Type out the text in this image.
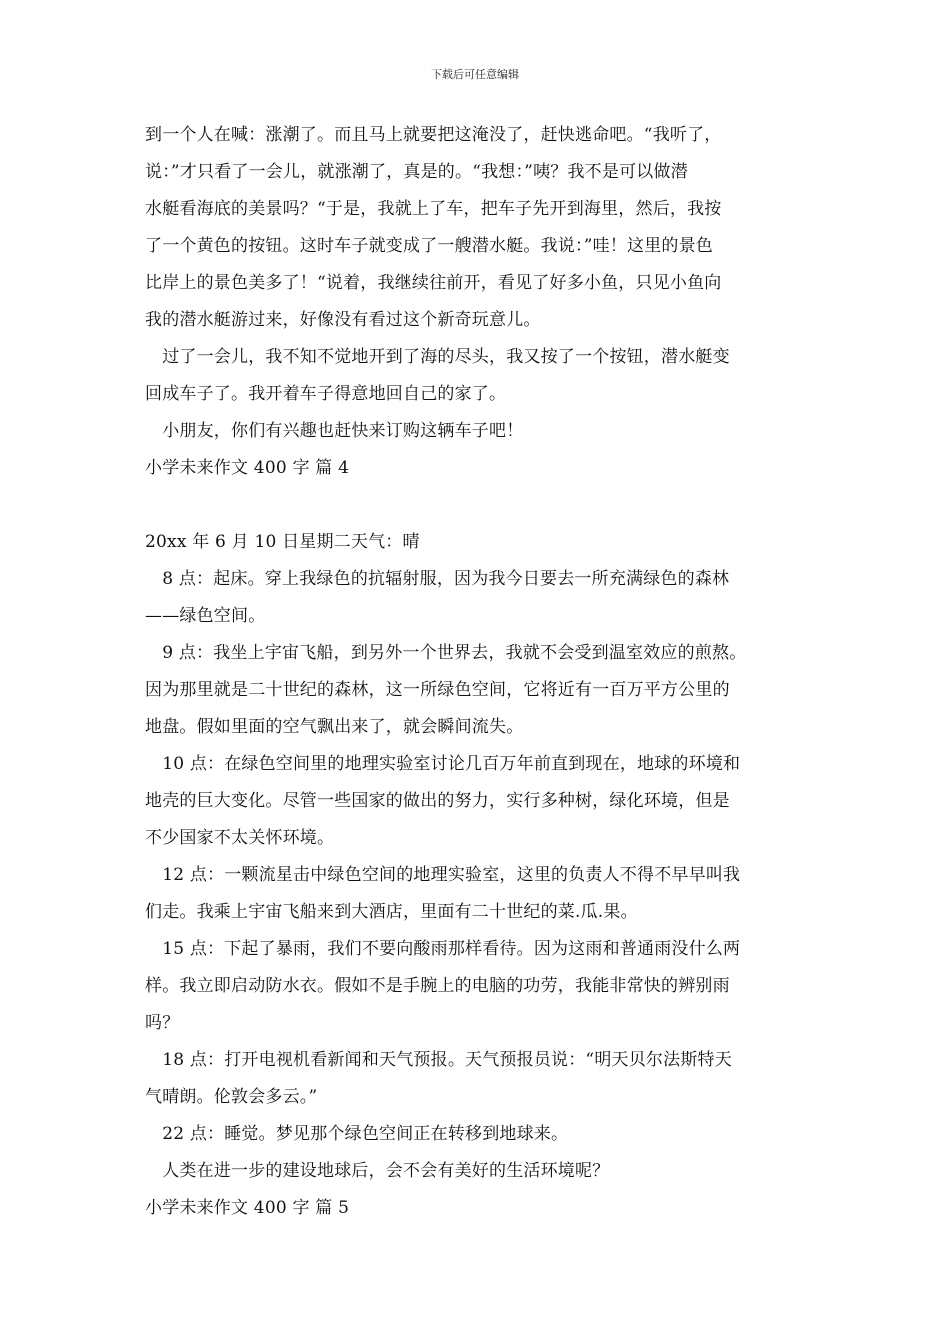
下载后可任意编辑
到一个人在喊：涨潮了。而且马上就要把这淹没了，赶快逃命吧。“我听了，
说：”才只看了一会儿，就涨潮了，真是的。“我想：”咦？我不是可以做潜
水艇看海底的美景吗？“于是，我就上了车，把车子先开到海里，然后，我按
了一个黄色的按钮。这时车子就变成了一艘潜水艇。我说：”哇！这里的景色
比岸上的景色美多了！“说着，我继续往前开，看见了好多小鱼，只见小鱼向
我的潜水艇游过来，好像没有看过这个新奇玩意儿。
　过了一会儿，我不知不觉地开到了海的尽头，我又按了一个按钮，潜水艇变
回成车子了。我开着车子得意地回自己的家了。
　小朋友，你们有兴趣也赶快来订购这辆车子吧！
小学未来作文 400 字 篇 4
20xx 年 6 月 10 日星期二天气：晴
　8 点：起床。穿上我绿色的抗辐射服，因为我今日要去一所充满绿色的森林
——绿色空间。
　9 点：我坐上宇宙飞船，到另外一个世界去，我就不会受到温室效应的煎熬。
因为那里就是二十世纪的森林，这一所绿色空间，它将近有一百万平方公里的
地盘。假如里面的空气飘出来了，就会瞬间流失。
　10 点：在绿色空间里的地理实验室讨论几百万年前直到现在，地球的环境和
地壳的巨大变化。尽管一些国家的做出的努力，实行多种树，绿化环境，但是
不少国家不太关怀环境。
　12 点：一颗流星击中绿色空间的地理实验室，这里的负责人不得不早早叫我
们走。我乘上宇宙飞船来到大酒店，里面有二十世纪的菜.瓜.果。
　15 点：下起了暴雨，我们不要向酸雨那样看待。因为这雨和普通雨没什么两
样。我立即启动防水衣。假如不是手腕上的电脑的功劳，我能非常快的辨别雨
吗？
　18 点：打开电视机看新闻和天气预报。天气预报员说：“明天贝尔法斯特天
气晴朗。伦敦会多云。”
　22 点：睡觉。梦见那个绿色空间正在转移到地球来。
　人类在进一步的建设地球后，会不会有美好的生活环境呢？
小学未来作文 400 字 篇 5
